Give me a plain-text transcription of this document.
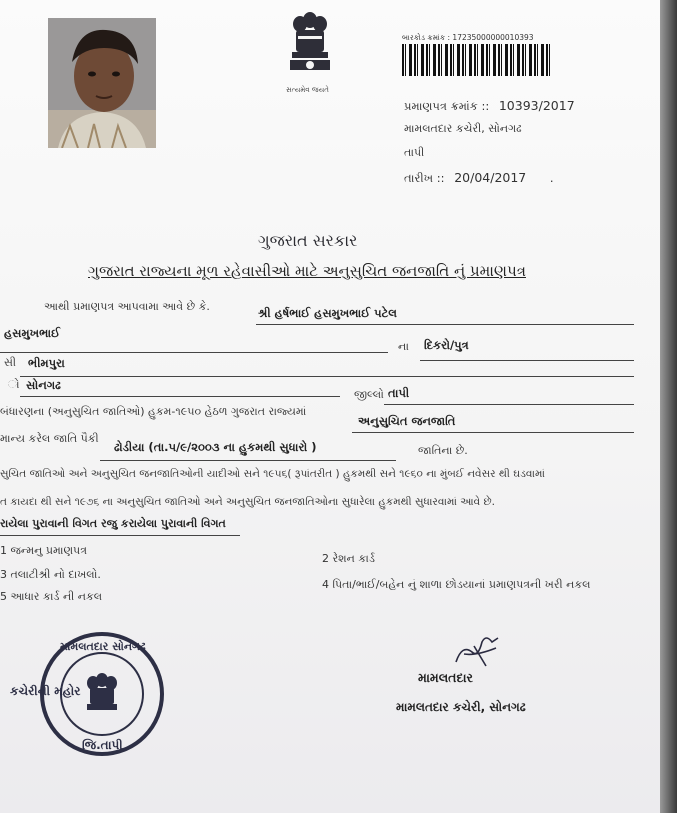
સત્યમેવ જયતે
બારકોડ ક્રમાંક : 17235000000010393
પ્રમાણપત્ર ક્રમાંક :: 10393/2017
મામલતદાર કચેરી, સોનગઢ
તાપી
તારીખ :: 20/04/2017 .
ગુજરાત સરકાર
ગુજરાત રાજ્યના મૂળ રહેવાસીઓ માટે અનુસુચિત જનજાતિ નું પ્રમાણપત્ર
આથી પ્રમાણપત્ર આપવામા આવે છે કે.	શ્રી હર્ષભાઈ હસમુખભાઈ પટેલ
હસમુખભાઈ
ના દિકરો/પુત્ર
સી ભીમપુરા
ો સોનગઢ
જીલ્લો તાપી
બંધારણના (અનુસુચિત જાતિઓ) હુકમ-૧૯૫૦ હેઠળ ગુજરાત રાજ્યમાં
અનુસુચિત જનજાતિ
માન્ય કરેલ જાતિ પૈકી
ઢોડીયા (તા.૫/૯/૨૦૦૩ ના હુકમથી સુધારો )	જાતિના છે.
સુચિત જાતિઓ અને અનુસુચિત જનજાતિઓની યાદીઓ સને ૧૯૫૬( રૂપાંતરીત ) હુકમથી સને ૧૯૬૦ ના મુંબઈ નવેસર થી ઘડવામાં
ત કાયદા થી સને ૧૯૭૬ ના અનુસુચિત જાતિઓ અને અનુસુચિત જનજાતિઓના સુધારેલા હુકમથી સુધારવામાં આવે છે.
રાયેલા પુરાવાની વિગત રજુ કરાયેલા પુરાવાની વિગત
1 જન્મનુ પ્રમાણપત્ર
2 રેશન કાર્ડ
3 તલાટીશ્રી નો દાખલો.
4 પિતા/ભાઈ/બહેન નું શાળા છોડયાનાં પ્રમાણપત્રની ખરી નકલ
5 આધાર કાર્ડ ની નકલ
મામલતદાર સોનગઢ
કચેરીની મહોર
જિ.તાપી
મામલતદાર
મામલતદાર કચેરી, સોનગઢ
